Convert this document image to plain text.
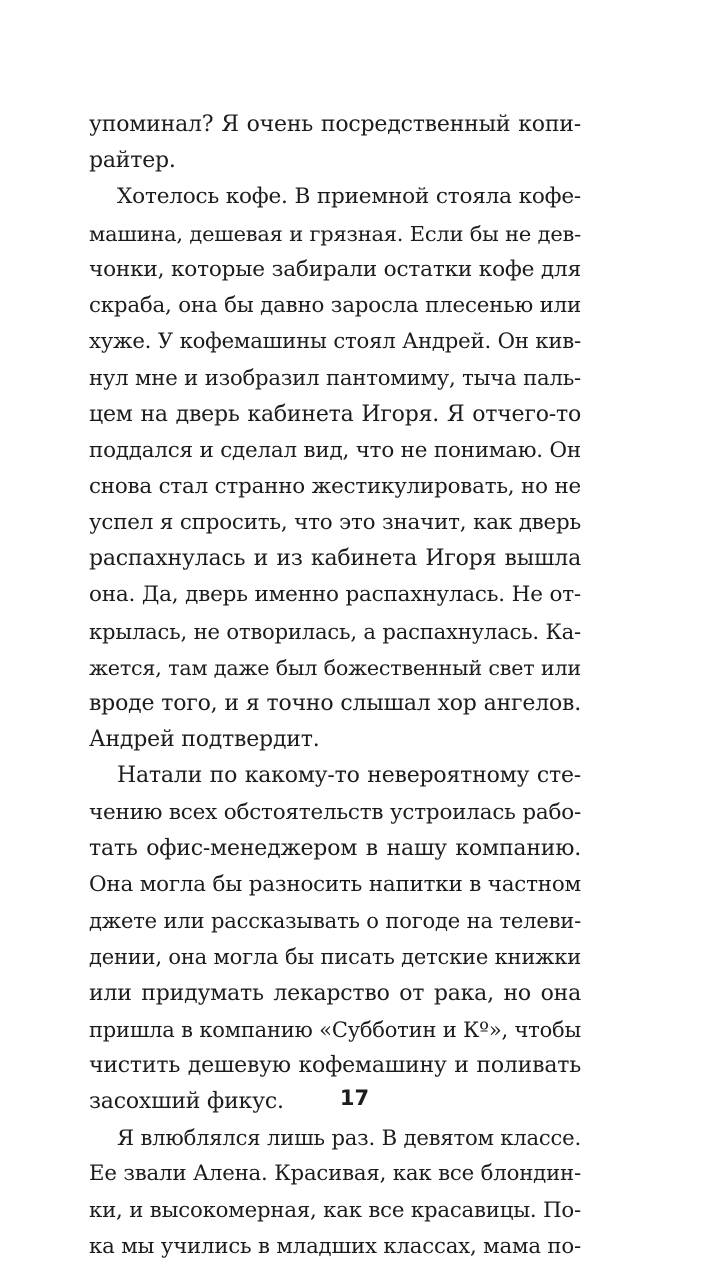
упоминал? Я очень посредственный копи-
райтер.
Хотелось кофе. В приемной стояла кофе-
машина, дешевая и грязная. Если бы не дев-
чонки, которые забирали остатки кофе для
скраба, она бы давно заросла плесенью или
хуже. У кофемашины стоял Андрей. Он кив-
нул мне и изобразил пантомиму, тыча паль-
цем на дверь кабинета Игоря. Я отчего-то
поддался и сделал вид, что не понимаю. Он
снова стал странно жестикулировать, но не
успел я спросить, что это значит, как дверь
распахнулась и из кабинета Игоря вышла
она. Да, дверь именно распахнулась. Не от-
крылась, не отворилась, а распахнулась. Ка-
жется, там даже был божественный свет или
вроде того, и я точно слышал хор ангелов.
Андрей подтвердит.
Натали по какому-то невероятному сте-
чению всех обстоятельств устроилась рабо-
тать офис-менеджером в нашу компанию.
Она могла бы разносить напитки в частном
джете или рассказывать о погоде на телеви-
дении, она могла бы писать детские книжки
или придумать лекарство от рака, но она
пришла в компанию «Субботин и Кº», чтобы
чистить дешевую кофемашину и поливать
засохший фикус.
Я влюблялся лишь раз. В девятом классе.
Ее звали Алена. Красивая, как все блондин-
ки, и высокомерная, как все красавицы. По-
ка мы учились в младших классах, мама по-
17
